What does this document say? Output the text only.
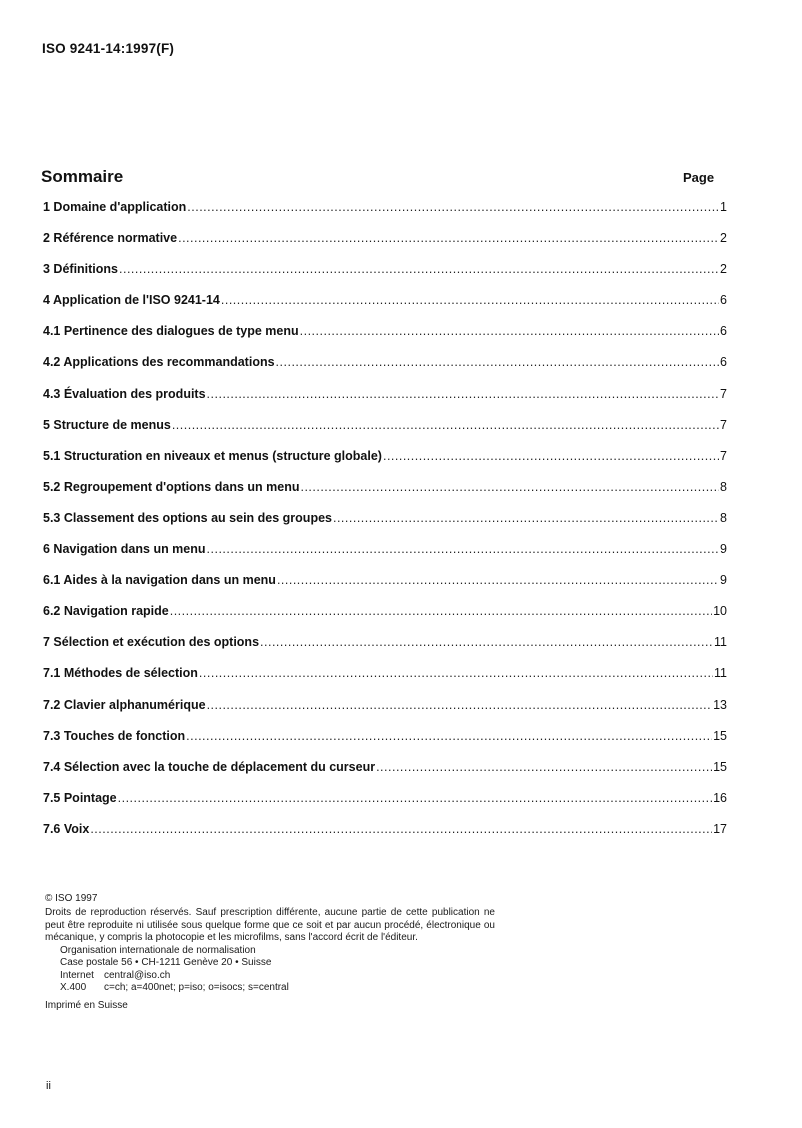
ISO 9241-14:1997(F)
Sommaire	Page
1 Domaine d'application .....	1
2 Référence normative .....	2
3 Définitions .....	2
4 Application de l'ISO 9241-14 .....	6
4.1 Pertinence des dialogues de type menu .....	6
4.2 Applications des recommandations .....	6
4.3 Évaluation des produits .....	7
5 Structure de menus .....	7
5.1 Structuration en niveaux et menus (structure globale) .....	7
5.2 Regroupement d'options dans un menu .....	8
5.3 Classement des options au sein des groupes .....	8
6 Navigation dans un menu .....	9
6.1 Aides à la navigation dans un menu .....	9
6.2 Navigation rapide .....	10
7 Sélection et exécution des options .....	11
7.1 Méthodes de sélection .....	11
7.2 Clavier alphanumérique .....	13
7.3 Touches de fonction .....	15
7.4 Sélection avec la touche de déplacement du curseur .....	15
7.5 Pointage .....	16
7.6 Voix .....	17
© ISO 1997
Droits de reproduction réservés. Sauf prescription différente, aucune partie de cette publication ne peut être reproduite ni utilisée sous quelque forme que ce soit et par aucun procédé, électronique ou mécanique, y compris la photocopie et les microfilms, sans l'accord écrit de l'éditeur.
Organisation internationale de normalisation
Case postale 56 • CH-1211 Genève 20 • Suisse
Internet	central@iso.ch
X.400	c=ch; a=400net; p=iso; o=isocs; s=central
Imprimé en Suisse
ii
